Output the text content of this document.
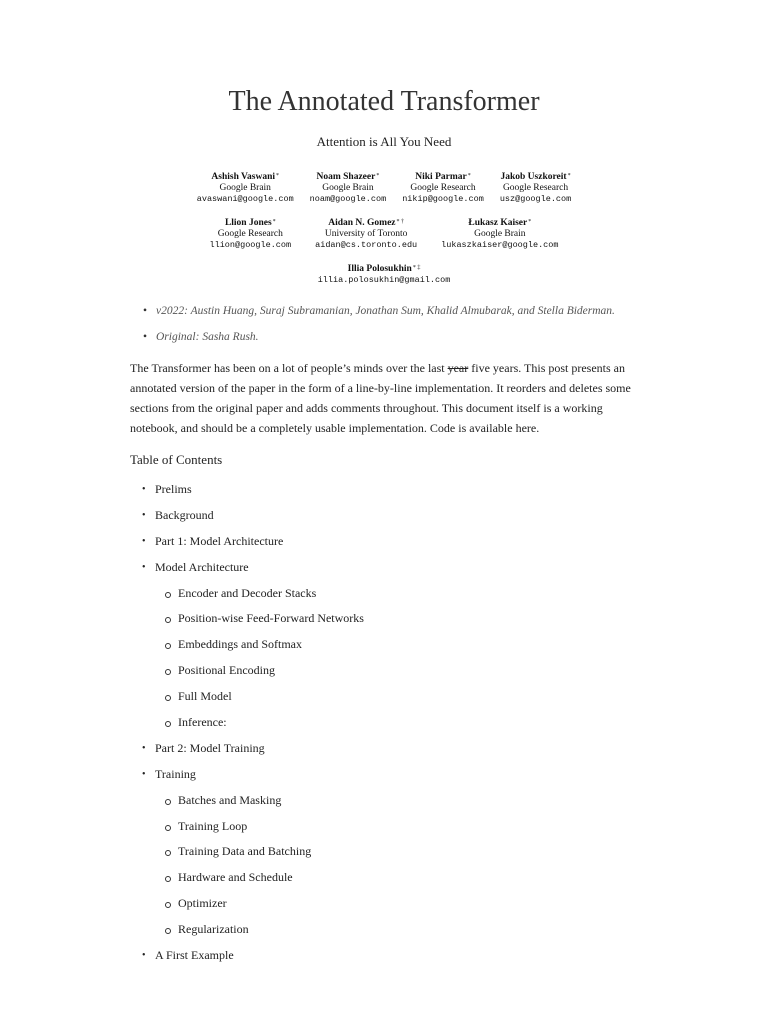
The Annotated Transformer
Attention is All You Need
Ashish Vaswani*
Google Brain
avaswani@google.com
Noam Shazeer*
Google Brain
noam@google.com
Niki Parmar*
Google Research
nikip@google.com
Jakob Uszkoreit*
Google Research
usz@google.com
Llion Jones*
Google Research
llion@google.com
Aidan N. Gomez* †
University of Toronto
aidan@cs.toronto.edu
Łukasz Kaiser*
Google Brain
lukaszkaiser@google.com
Illia Polosukhin* ‡
illia.polosukhin@gmail.com
• v2022: Austin Huang, Suraj Subramanian, Jonathan Sum, Khalid Almubarak, and Stella Biderman.
• Original: Sasha Rush.

The Transformer has been on a lot of people’s minds over the last year five years. This post presents an annotated version of the paper in the form of a line-by-line implementation. It reorders and deletes some sections from the original paper and adds comments throughout. This document itself is a working notebook, and should be a completely usable implementation. Code is available here.

Table of Contents
• Prelims
• Background
• Part 1: Model Architecture
• Model Architecture
Encoder and Decoder Stacks
Position-wise Feed-Forward Networks
Embeddings and Softmax
Positional Encoding
Full Model
Inference:
• Part 2: Model Training
• Training
Batches and Masking
Training Loop
Training Data and Batching
Hardware and Schedule
Optimizer
Regularization
• A First Example
